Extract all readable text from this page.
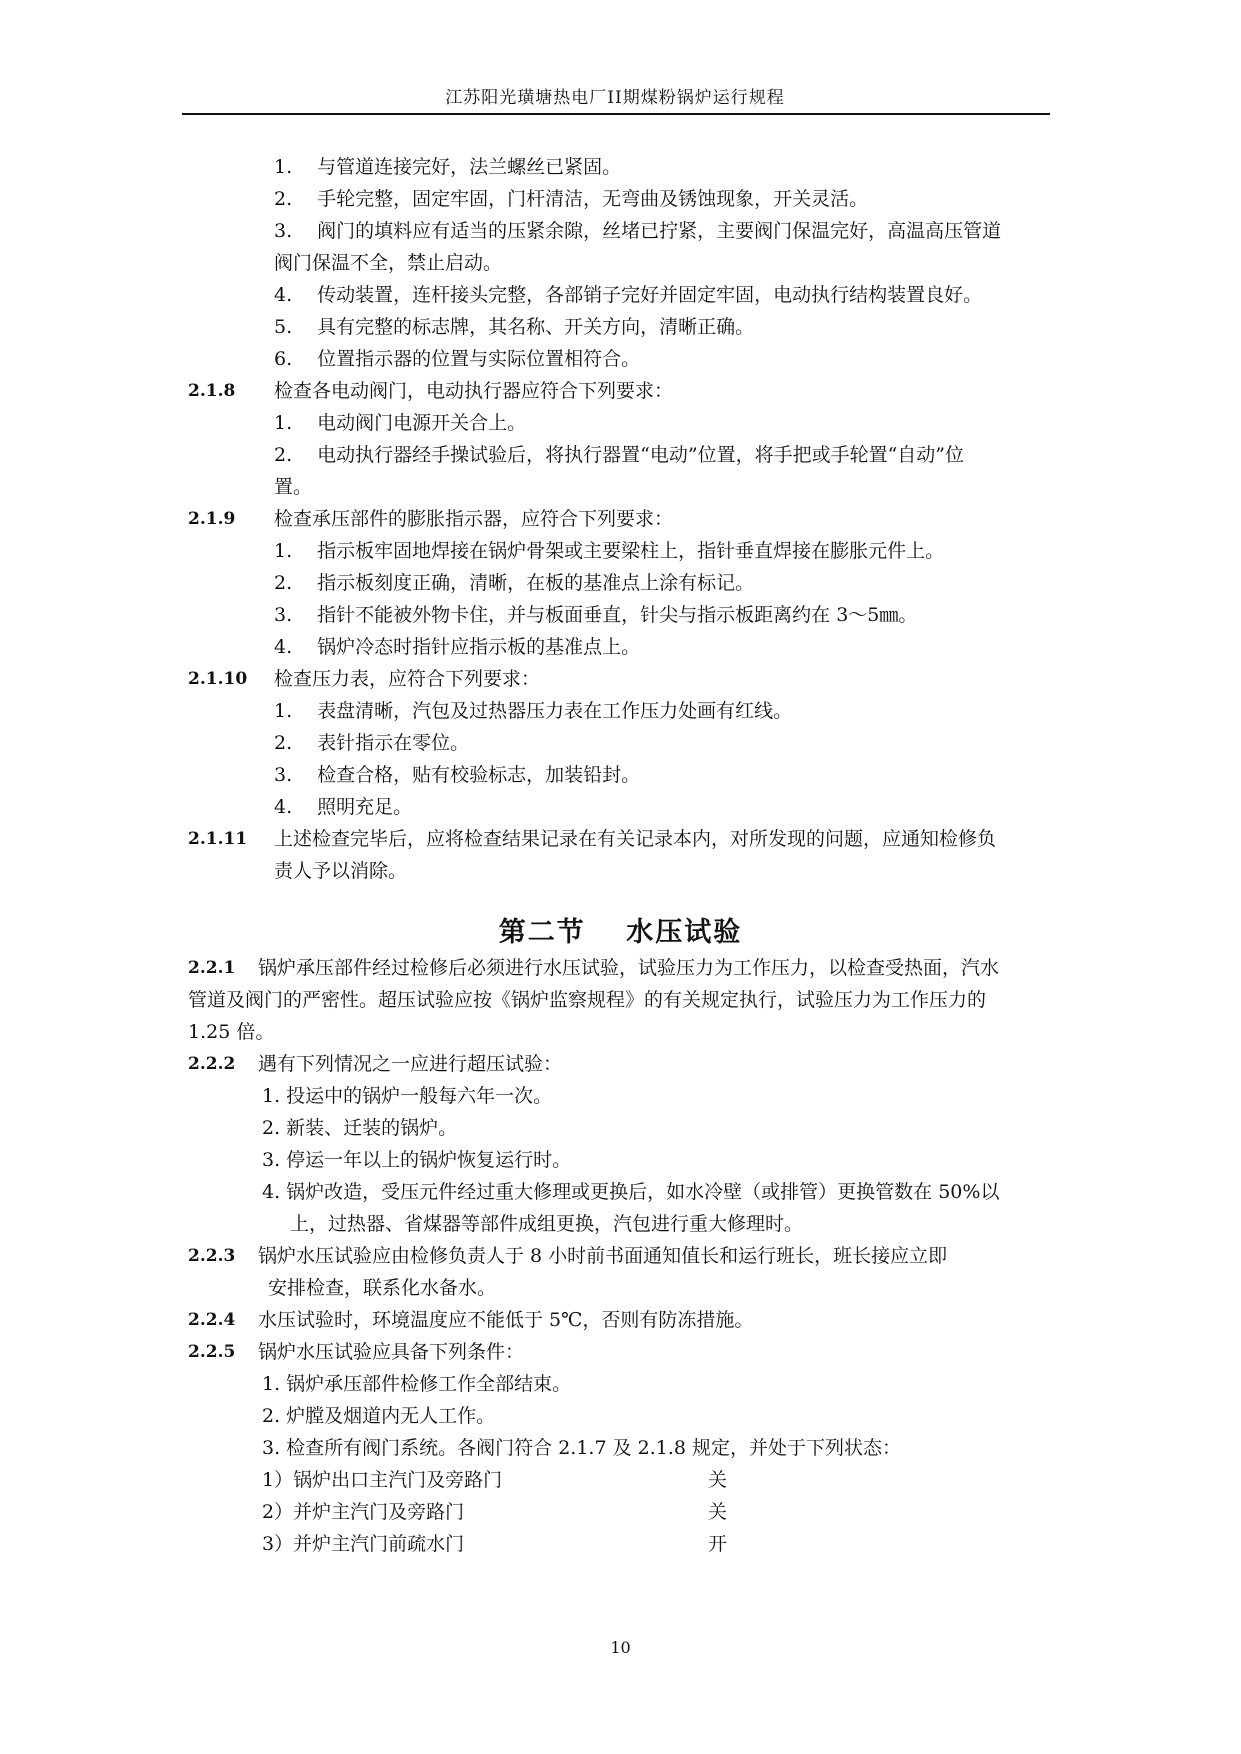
江苏阳光璜塘热电厂II期煤粉锅炉运行规程
1.　 与管道连接完好，法兰螺丝已紧固。
2.　 手轮完整，固定牢固，门杆清洁，无弯曲及锈蚀现象，开关灵活。
3.　 阀门的填料应有适当的压紧余隙，丝堵已拧紧，主要阀门保温完好，高温高压管道
阀门保温不全，禁止启动。
4.　 传动装置，连杆接头完整，各部销子完好并固定牢固，电动执行结构装置良好。
5.　 具有完整的标志牌，其名称、开关方向，清晰正确。
6.　 位置指示器的位置与实际位置相符合。
2.1.8 检查各电动阀门，电动执行器应符合下列要求：
1.　 电动阀门电源开关合上。
2.　 电动执行器经手操试验后，将执行器置“电动”位置，将手把或手轮置“自动”位
置。
2.1.9 检查承压部件的膨胀指示器，应符合下列要求：
1.　 指示板牢固地焊接在锅炉骨架或主要梁柱上，指针垂直焊接在膨胀元件上。
2.　 指示板刻度正确，清晰，在板的基准点上涂有标记。
3.　 指针不能被外物卡住，并与板面垂直，针尖与指示板距离约在 3～5㎜。
4.　 锅炉冷态时指针应指示板的基准点上。
2.1.10 检查压力表，应符合下列要求：
1.　 表盘清晰，汽包及过热器压力表在工作压力处画有红线。
2.　 表针指示在零位。
3.　 检查合格，贴有校验标志，加装铅封。
4.　 照明充足。
2.1.11 上述检查完毕后，应将检查结果记录在有关记录本内，对所发现的问题，应通知检修负
责人予以消除。
第二节　 水压试验
2.2.1 锅炉承压部件经过检修后必须进行水压试验，试验压力为工作压力，以检查受热面，汽水
管道及阀门的严密性。超压试验应按《锅炉监察规程》的有关规定执行，试验压力为工作压力的
1.25 倍。
2.2.2 遇有下列情况之一应进行超压试验：
1. 投运中的锅炉一般每六年一次。
2. 新装、迁装的锅炉。
3. 停运一年以上的锅炉恢复运行时。
4. 锅炉改造，受压元件经过重大修理或更换后，如水冷壁（或排管）更换管数在 50%以
上，过热器、省煤器等部件成组更换，汽包进行重大修理时。
2.2.3 锅炉水压试验应由检修负责人于 8 小时前书面通知值长和运行班长，班长接应立即
安排检查，联系化水备水。
2.2.4 水压试验时，环境温度应不能低于 5℃，否则有防冻措施。
2.2.5 锅炉水压试验应具备下列条件：
1. 锅炉承压部件检修工作全部结束。
2. 炉膛及烟道内无人工作。
3. 检查所有阀门系统。各阀门符合 2.1.7 及 2.1.8 规定，并处于下列状态：
1）锅炉出口主汽门及旁路门	关
2）并炉主汽门及旁路门	关
3）并炉主汽门前疏水门	开
10
